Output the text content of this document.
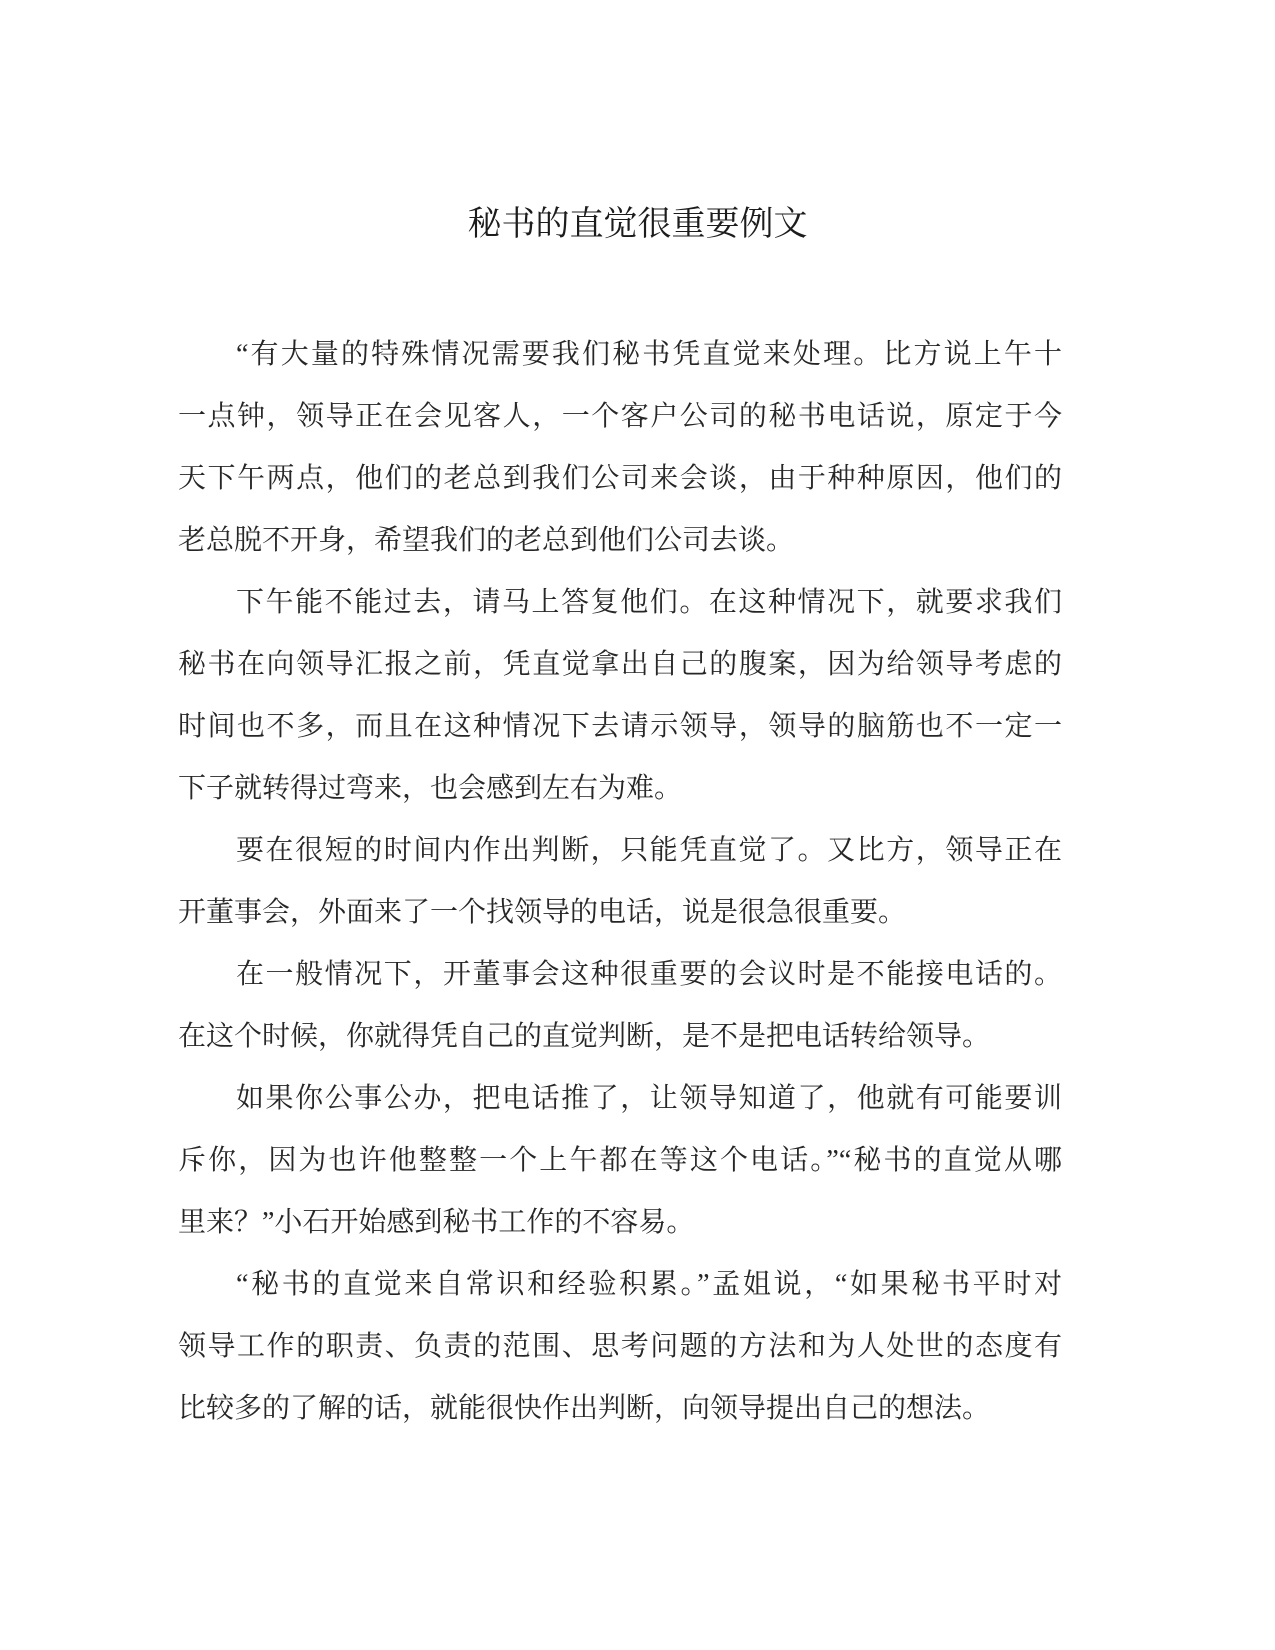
秘书的直觉很重要例文
“有大量的特殊情况需要我们秘书凭直觉来处理。比方说上午十
一点钟，领导正在会见客人，一个客户公司的秘书电话说，原定于今
天下午两点，他们的老总到我们公司来会谈，由于种种原因，他们的
老总脱不开身，希望我们的老总到他们公司去谈。
下午能不能过去，请马上答复他们。在这种情况下，就要求我们
秘书在向领导汇报之前，凭直觉拿出自己的腹案，因为给领导考虑的
时间也不多，而且在这种情况下去请示领导，领导的脑筋也不一定一
下子就转得过弯来，也会感到左右为难。
要在很短的时间内作出判断，只能凭直觉了。又比方，领导正在
开董事会，外面来了一个找领导的电话，说是很急很重要。
在一般情况下，开董事会这种很重要的会议时是不能接电话的。
在这个时候，你就得凭自己的直觉判断，是不是把电话转给领导。
如果你公事公办，把电话推了，让领导知道了，他就有可能要训
斥你，因为也许他整整一个上午都在等这个电话。”“秘书的直觉从哪
里来？”小石开始感到秘书工作的不容易。
“秘书的直觉来自常识和经验积累。”孟姐说，“如果秘书平时对
领导工作的职责、负责的范围、思考问题的方法和为人处世的态度有
比较多的了解的话，就能很快作出判断，向领导提出自己的想法。
